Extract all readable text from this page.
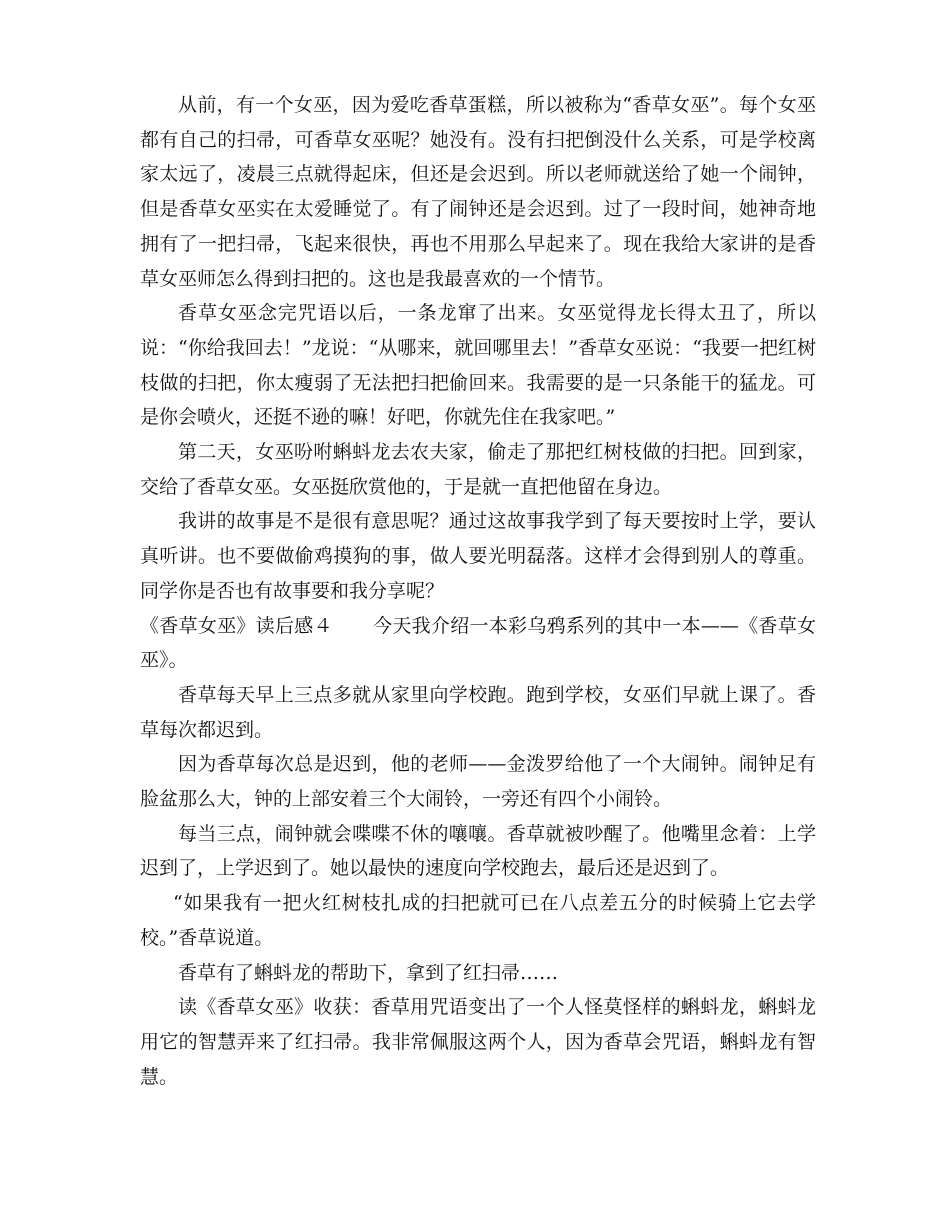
从前，有一个女巫，因为爱吃香草蛋糕，所以被称为“香草女巫”。每个女巫都有自己的扫帚，可香草女巫呢？她没有。没有扫把倒没什么关系，可是学校离家太远了，凌晨三点就得起床，但还是会迟到。所以老师就送给了她一个闹钟，但是香草女巫实在太爱睡觉了。有了闹钟还是会迟到。过了一段时间，她神奇地拥有了一把扫帚，飞起来很快，再也不用那么早起来了。现在我给大家讲的是香草女巫师怎么得到扫把的。这也是我最喜欢的一个情节。

香草女巫念完咒语以后，一条龙窜了出来。女巫觉得龙长得太丑了，所以说：“你给我回去！”龙说：“从哪来，就回哪里去！”香草女巫说：“我要一把红树枝做的扫把，你太瘦弱了无法把扫把偷回来。我需要的是一只条能干的猛龙。可是你会喷火，还挺不逊的嘛！好吧，你就先住在我家吧。”

第二天，女巫吩咐蝌蚪龙去农夫家，偷走了那把红树枝做的扫把。回到家，交给了香草女巫。女巫挺欣赏他的，于是就一直把他留在身边。

我讲的故事是不是很有意思呢？通过这故事我学到了每天要按时上学，要认真听讲。也不要做偷鸡摸狗的事，做人要光明磊落。这样才会得到别人的尊重。同学你是否也有故事要和我分享呢？

《香草女巫》读后感４ 今天我介绍一本彩乌鸦系列的其中一本——《香草女巫》。

香草每天早上三点多就从家里向学校跑。跑到学校，女巫们早就上课了。香草每次都迟到。

因为香草每次总是迟到，他的老师——金泼罗给他了一个大闹钟。闹钟足有脸盆那么大，钟的上部安着三个大闹铃，一旁还有四个小闹铃。

每当三点，闹钟就会喋喋不休的嚷嚷。香草就被吵醒了。他嘴里念着：上学迟到了，上学迟到了。她以最快的速度向学校跑去，最后还是迟到了。

“如果我有一把火红树枝扎成的扫把就可已在八点差五分的时候骑上它去学校。”香草说道。

香草有了蝌蚪龙的帮助下，拿到了红扫帚……

读《香草女巫》收获：香草用咒语变出了一个人怪莫怪样的蝌蚪龙，蝌蚪龙用它的智慧弄来了红扫帚。我非常佩服这两个人，因为香草会咒语，蝌蚪龙有智慧。
